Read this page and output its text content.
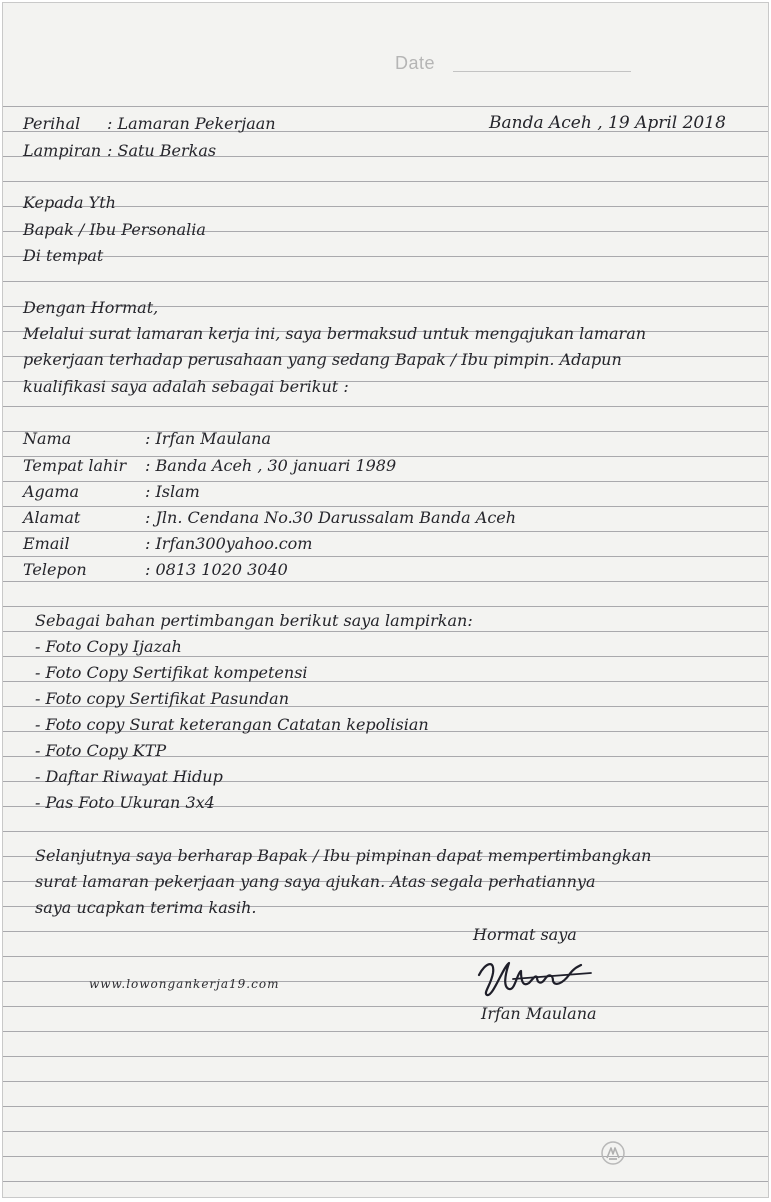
Date
Perihal : Lamaran Pekerjaan	Banda Aceh , 19 April 2018
Lampiran : Satu Berkas
Kepada Yth
Bapak / Ibu Personalia
Di tempat
Dengan Hormat,
Melalui surat lamaran kerja ini, saya bermaksud untuk mengajukan lamaran
pekerjaan terhadap perusahaan yang sedang Bapak / Ibu pimpin. Adapun
kualifikasi saya adalah sebagai berikut :
Nama	: Irfan Maulana
Tempat lahir : Banda Aceh , 30 januari 1989
Agama	: Islam
Alamat	: Jln. Cendana No.30 Darussalam Banda Aceh
Email	: Irfan300yahoo.com
Telepon	: 0813 1020 3040
Sebagai bahan pertimbangan berikut saya lampirkan:
- Foto Copy Ijazah
- Foto Copy Sertifikat kompetensi
- Foto copy Sertifikat Pasundan
- Foto copy Surat keterangan Catatan kepolisian
- Foto Copy KTP
- Daftar Riwayat Hidup
- Pas Foto Ukuran 3x4
Selanjutnya saya berharap Bapak / Ibu pimpinan dapat mempertimbangkan
surat lamaran pekerjaan yang saya ajukan. Atas segala perhatiannya
saya ucapkan terima kasih.
Hormat saya
www.lowongankerja19.com
Irfan Maulana
